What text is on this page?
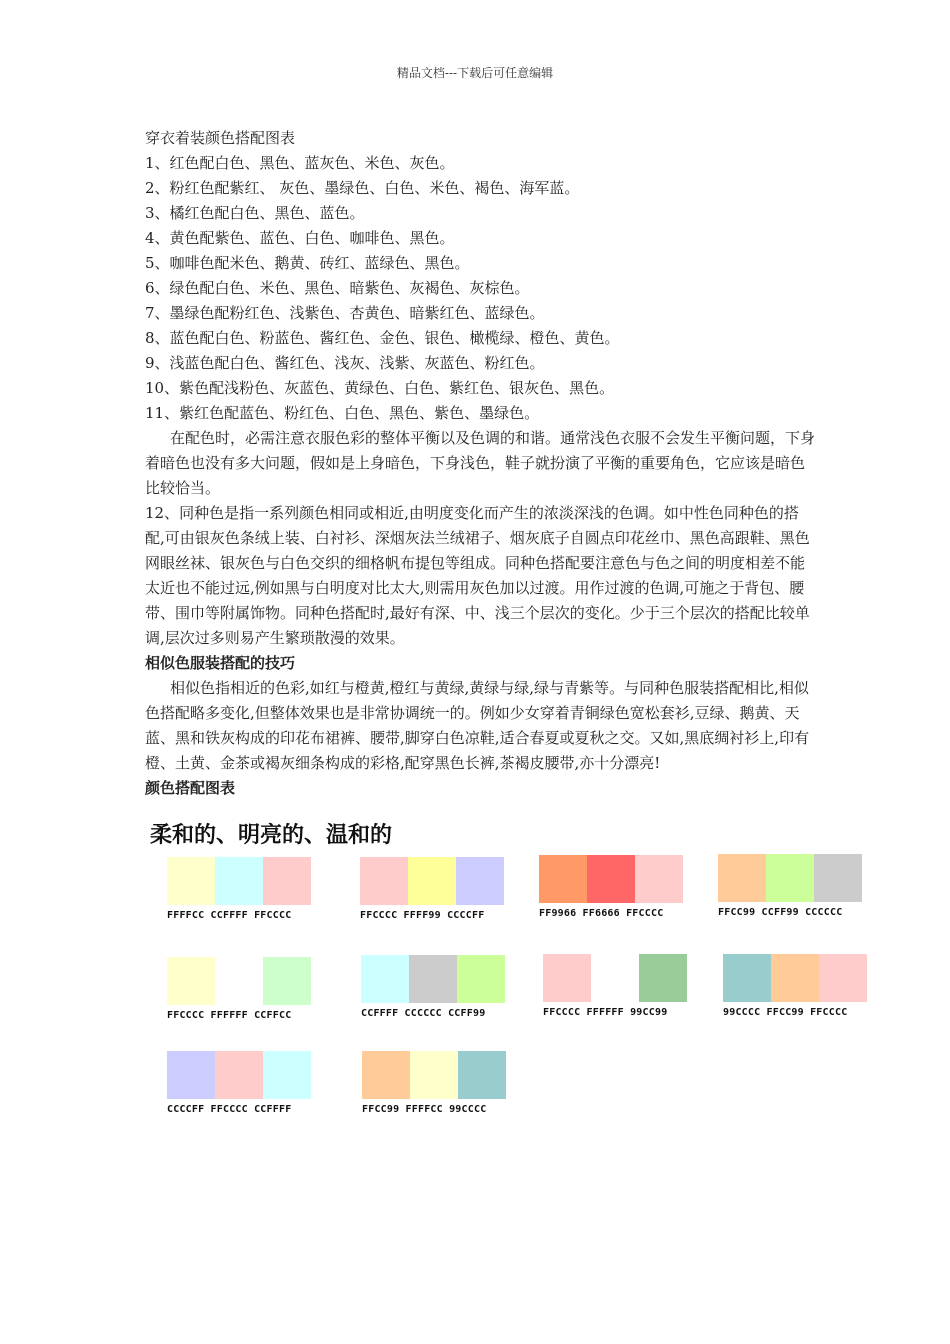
精品文档---下载后可任意编辑

穿衣着装颜色搭配图表

1、红色配白色、黑色、蓝灰色、米色、灰色。

2、粉红色配紫红、 灰色、墨绿色、白色、米色、褐色、海军蓝。

3、橘红色配白色、黑色、蓝色。

4、黄色配紫色、蓝色、白色、咖啡色、黑色。

5、咖啡色配米色、鹅黄、砖红、蓝绿色、黑色。

6、绿色配白色、米色、黑色、暗紫色、灰褐色、灰棕色。

7、墨绿色配粉红色、浅紫色、杏黄色、暗紫红色、蓝绿色。

8、蓝色配白色、粉蓝色、酱红色、金色、银色、橄榄绿、橙色、黄色。

9、浅蓝色配白色、酱红色、浅灰、浅紫、灰蓝色、粉红色。

10、紫色配浅粉色、灰蓝色、黄绿色、白色、紫红色、银灰色、黑色。

11、紫红色配蓝色、粉红色、白色、黑色、紫色、墨绿色。

在配色时，必需注意衣服色彩的整体平衡以及色调的和谐。通常浅色衣服不会发生平衡问题，下身着暗色也没有多大问题，假如是上身暗色，下身浅色，鞋子就扮演了平衡的重要角色，它应该是暗色比较恰当。

12、同种色是指一系列颜色相同或相近,由明度变化而产生的浓淡深浅的色调。如中性色同种色的搭配,可由银灰色条绒上装、白衬衫、深烟灰法兰绒裙子、烟灰底子自圆点印花丝巾、黑色高跟鞋、黑色网眼丝袜、银灰色与白色交织的细格帆布提包等组成。同种色搭配要注意色与色之间的明度相差不能太近也不能过远,例如黑与白明度对比太大,则需用灰色加以过渡。用作过渡的色调,可施之于背包、腰带、围巾等附属饰物。同种色搭配时,最好有深、中、浅三个层次的变化。少于三个层次的搭配比较单调,层次过多则易产生繁琐散漫的效果。

相似色服装搭配的技巧

相似色指相近的色彩,如红与橙黄,橙红与黄绿,黄绿与绿,绿与青紫等。与同种色服装搭配相比,相似色搭配略多变化,但整体效果也是非常协调统一的。例如少女穿着青铜绿色宽松套衫,豆绿、鹅黄、天蓝、黑和铁灰构成的印花布裙裤、腰带,脚穿白色凉鞋,适合春夏或夏秋之交。又如,黑底绸衬衫上,印有橙、土黄、金茶或褐灰细条构成的彩格,配穿黑色长裤,茶褐皮腰带,亦十分漂亮!

颜色搭配图表

柔和的、明亮的、温和的
FFFFCC CCFFFF FFCCCC	FFCCCC FFFF99 CCCCFF	FF9966 FF6666 FFCCCC	FFCC99 CCFF99 CCCCCC
FFCCCC FFFFFF CCFFCC	CCFFFF CCCCCC CCFF99	FFCCCC FFFFFF 99CC99	99CCCC FFCC99 FFCCCC
CCCCFF FFCCCC CCFFFF	FFCC99 FFFFCC 99CCCC
